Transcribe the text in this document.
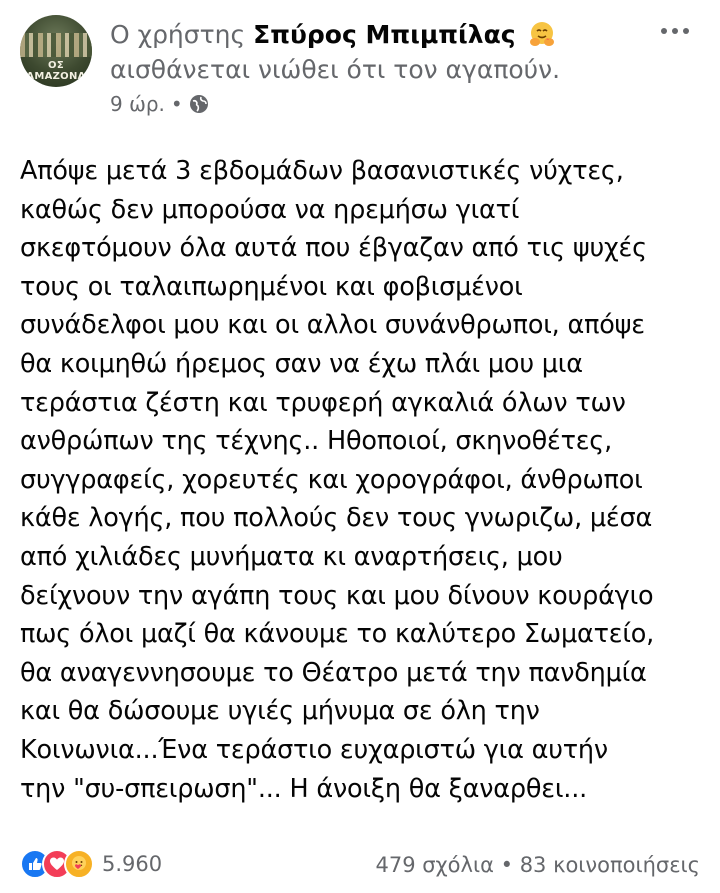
ΟΣ ΑΜΑΖΟΝΑ
Ο χρήστης Σπύρος Μπιμπίλας
αισθάνεται νιώθει ότι τον αγαπούν.
9 ώρ. •
Απόψε μετά 3 εβδομάδων βασανιστικές νύχτες,
καθώς δεν μπορούσα να ηρεμήσω γιατί
σκεφτόμουν όλα αυτά που έβγαζαν από τις ψυχές
τους οι ταλαιπωρημένοι και φοβισμένοι
συνάδελφοι μου και οι αλλοι συνάνθρωποι, απόψε
θα κοιμηθώ ήρεμος σαν να έχω πλάι μου μια
τεράστια ζέστη και τρυφερή αγκαλιά όλων των
ανθρώπων της τέχνης.. Ηθοποιοί, σκηνοθέτες,
συγγραφείς, χορευτές και χορογράφοι, άνθρωποι
κάθε λογής, που πολλούς δεν τους γνωριζω, μέσα
από χιλιάδες μυνήματα κι αναρτήσεις, μου
δείχνουν την αγάπη τους και μου δίνουν κουράγιο
πως όλοι μαζί θα κάνουμε το καλύτερο Σωματείο,
θα αναγεννησουμε το Θέατρο μετά την πανδημία
και θα δώσουμε υγιές μήνυμα σε όλη την
Κοινωνια...Ένα τεράστιο ευχαριστώ για αυτήν
την "συ-σπειρωση"... Η άνοιξη θα ξαναρθει...
5.960	479 σχόλια • 83 κοινοποιήσεις
